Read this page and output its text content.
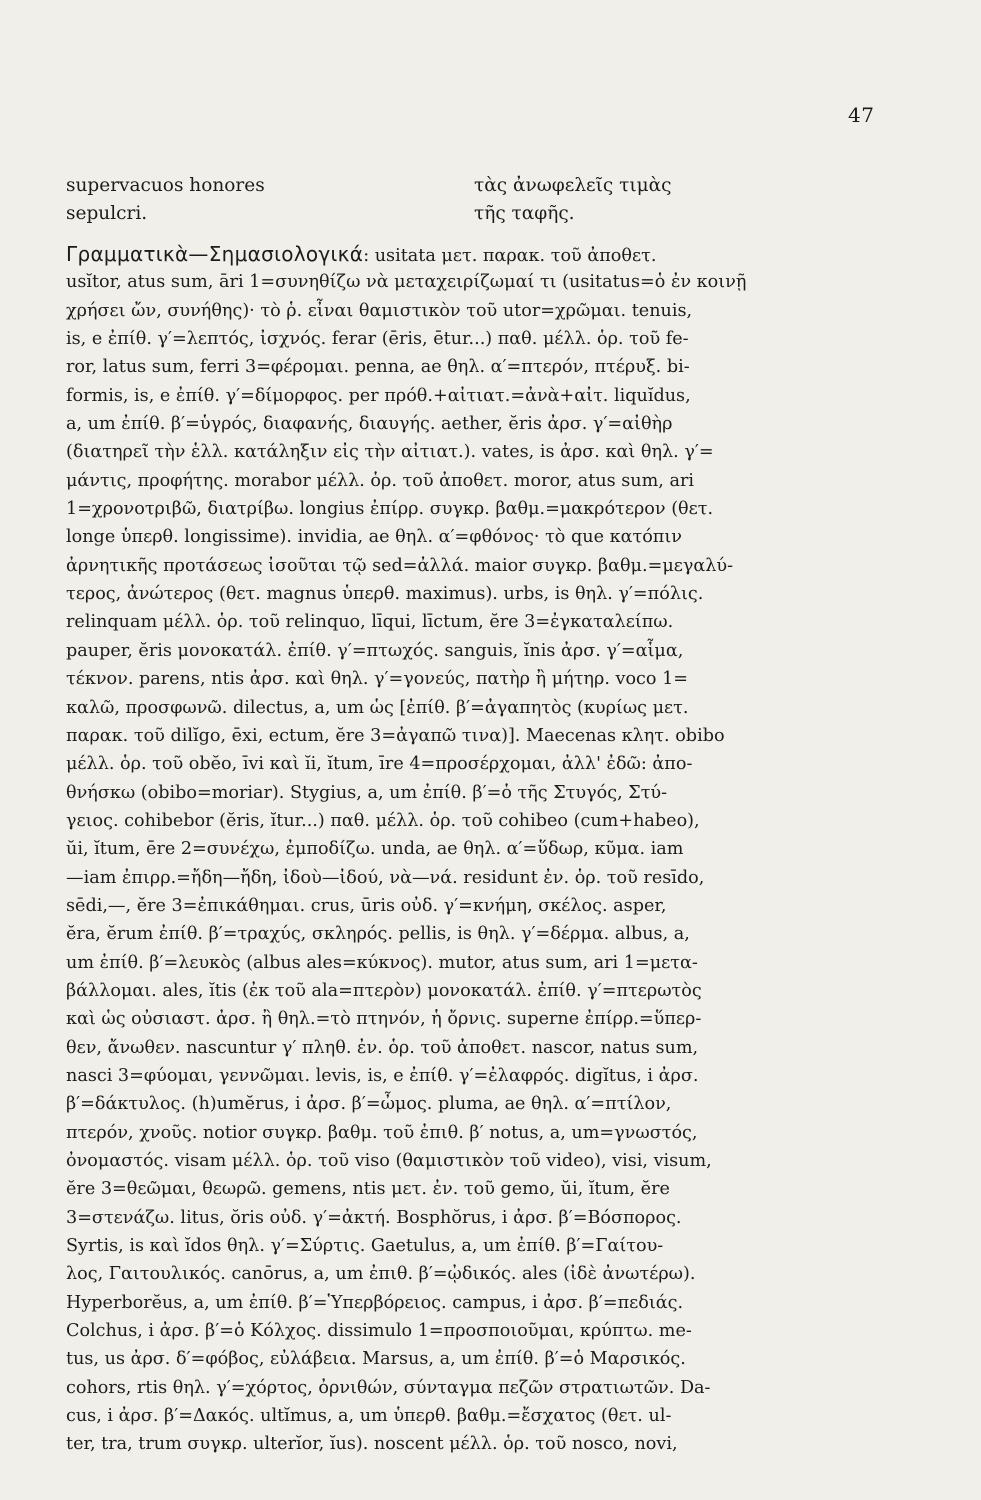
47
supervacuos honores
sepulcri.
τὰς ἀνωφελεῖς τιμὰς
τῆς ταφῆς.
Γραμματικὰ—Σημασιολογικά: usitata μετ. παρακ. τοῦ ἀποθετ.
usĭtor, atus sum, āri 1=συνηθίζω νὰ μεταχειρίζωμαί τι (usitatus=ὁ ἐν κοινῇ
χρήσει ὤν, συνήθης)· τὸ ῥ. εἶναι θαμιστικὸν τοῦ utor=χρῶμαι. tenuis,
is, e ἐπίθ. γ′=λεπτός, ἰσχνός. ferar (ēris, ētur...) παθ. μέλλ. ὁρ. τοῦ fe-
ror, latus sum, ferri 3=φέρομαι. penna, ae θηλ. α′=πτερόν, πτέρυξ. bi-
formis, is, e ἐπίθ. γ′=δίμορφος. per πρόθ.+αἰτιατ.=ἀνὰ+αἰτ. liquĭdus,
a, um ἐπίθ. β′=ὑγρός, διαφανής, διαυγής. aether, ĕris ἀρσ. γ′=αἰθὴρ
(διατηρεῖ τὴν ἑλλ. κατάληξιν εἰς τὴν αἰτιατ.). vates, is ἀρσ. καὶ θηλ. γ′=
μάντις, προφήτης. morabor μέλλ. ὁρ. τοῦ ἀποθετ. moror, atus sum, ari
1=χρονοτριβῶ, διατρίβω. longius ἐπίρρ. συγκρ. βαθμ.=μακρότερον (θετ.
longe ὑπερθ. longissime). invidia, ae θηλ. α′=φθόνος· τὸ que κατόπιν
ἀρνητικῆς προτάσεως ἰσοῦται τῷ sed=ἀλλά. maior συγκρ. βαθμ.=μεγαλύ-
τερος, ἀνώτερος (θετ. magnus ὑπερθ. maximus). urbs, is θηλ. γ′=πόλις.
relinquam μέλλ. ὁρ. τοῦ relinquo, līqui, līctum, ĕre 3=ἐγκαταλείπω.
pauper, ĕris μονοκατάλ. ἐπίθ. γ′=πτωχός. sanguis, ĭnis ἀρσ. γ′=αἷμα,
τέκνον. parens, ntis ἀρσ. καὶ θηλ. γ′=γονεύς, πατὴρ ἢ μήτηρ. voco 1=
καλῶ, προσφωνῶ. dilectus, a, um ὡς [ἐπίθ. β′=ἀγαπητὸς (κυρίως μετ.
παρακ. τοῦ dilĭgo, ēxi, ectum, ĕre 3=ἀγαπῶ τινα)]. Maecenas κλητ. obibo
μέλλ. ὁρ. τοῦ obĕo, īvi καὶ ĭi, ĭtum, īre 4=προσέρχομαι, ἀλλ' ἐδῶ: ἀπο-
θνήσκω (obibo=moriar). Stygius, a, um ἐπίθ. β′=ὁ τῆς Στυγός, Στύ-
γειος. cohibebor (ĕris, ĭtur...) παθ. μέλλ. ὁρ. τοῦ cohibeo (cum+habeo),
ŭi, ĭtum, ēre 2=συνέχω, ἐμποδίζω. unda, ae θηλ. α′=ὕδωρ, κῦμα. iam
—iam ἐπιρρ.=ἤδη—ἤδη, ἰδοὺ—ἰδού, νὰ—νά. residunt ἐν. ὁρ. τοῦ resīdo,
sēdi,—, ĕre 3=ἐπικάθημαι. crus, ūris οὐδ. γ′=κνήμη, σκέλος. asper,
ĕra, ĕrum ἐπίθ. β′=τραχύς, σκληρός. pellis, is θηλ. γ′=δέρμα. albus, a,
um ἐπίθ. β′=λευκὸς (albus ales=κύκνος). mutor, atus sum, ari 1=μετα-
βάλλομαι. ales, ĭtis (ἐκ τοῦ ala=πτερὸν) μονοκατάλ. ἐπίθ. γ′=πτερωτὸς
καὶ ὡς οὐσιαστ. ἀρσ. ἢ θηλ.=τὸ πτηνόν, ἡ ὄρνις. superne ἐπίρρ.=ὕπερ-
θεν, ἄνωθεν. nascuntur γ′ πληθ. ἐν. ὁρ. τοῦ ἀποθετ. nascor, natus sum,
nasci 3=φύομαι, γεννῶμαι. levis, is, e ἐπίθ. γ′=ἐλαφρός. digĭtus, i ἀρσ.
β′=δάκτυλος. (h)umĕrus, i ἀρσ. β′=ὦμος. pluma, ae θηλ. α′=πτίλον,
πτερόν, χνοῦς. notior συγκρ. βαθμ. τοῦ ἐπιθ. β′ notus, a, um=γνωστός,
ὀνομαστός. visam μέλλ. ὁρ. τοῦ viso (θαμιστικὸν τοῦ video), visi, visum,
ĕre 3=θεῶμαι, θεωρῶ. gemens, ntis μετ. ἐν. τοῦ gemo, ŭi, ĭtum, ĕre
3=στενάζω. litus, ŏris οὐδ. γ′=ἀκτή. Bosphŏrus, i ἀρσ. β′=Βόσπορος.
Syrtis, is καὶ ĭdos θηλ. γ′=Σύρτις. Gaetulus, a, um ἐπίθ. β′=Γαίτου-
λος, Γαιτουλικός. canōrus, a, um ἐπιθ. β′=ᾠδικός. ales (ἰδὲ ἀνωτέρω).
Hyperborĕus, a, um ἐπίθ. β′=Ὑπερβόρειος. campus, i ἀρσ. β′=πεδιάς.
Colchus, i ἀρσ. β′=ὁ Κόλχος. dissimulo 1=προσποιοῦμαι, κρύπτω. me-
tus, us ἀρσ. δ′=φόβος, εὐλάβεια. Marsus, a, um ἐπίθ. β′=ὁ Μαρσικός.
cohors, rtis θηλ. γ′=χόρτος, ὀρνιθών, σύνταγμα πεζῶν στρατιωτῶν. Da-
cus, i ἀρσ. β′=Δακός. ultĭmus, a, um ὑπερθ. βαθμ.=ἔσχατος (θετ. ul-
ter, tra, trum συγκρ. ulterĭor, ĭus). noscent μέλλ. ὁρ. τοῦ nosco, novi,
